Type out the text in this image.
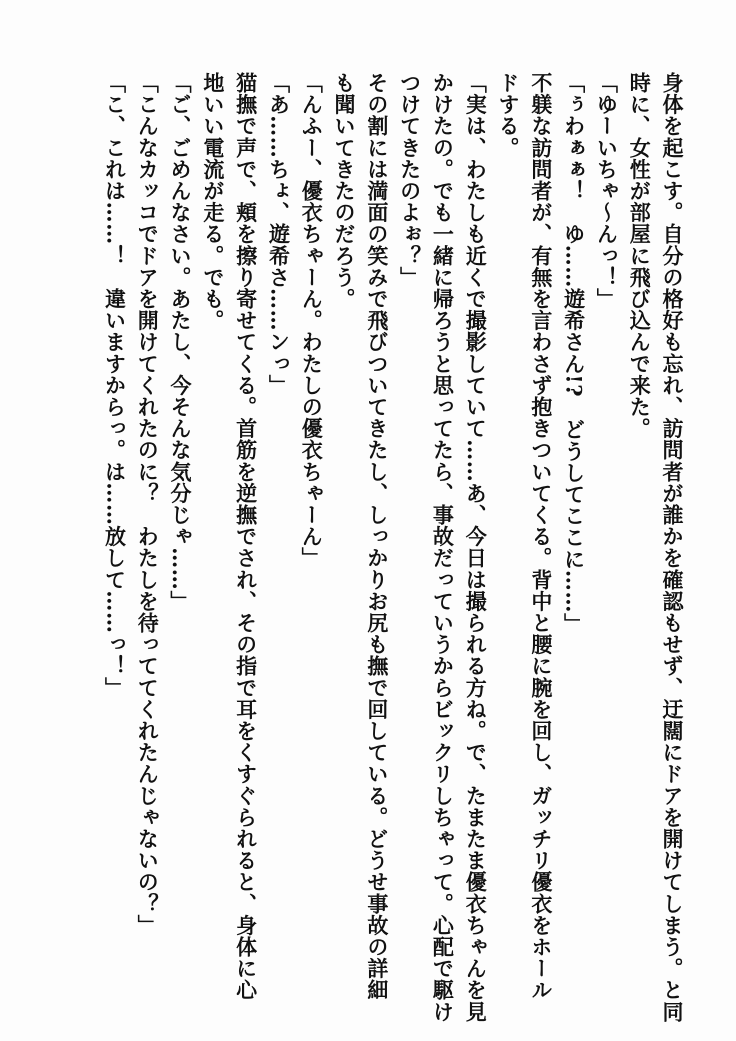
身体を起こす。自分の格好も忘れ、訪問者が誰かを確認もせず、迂闊にドアを開けてしまう。と同

時に、女性が部屋に飛び込んで来た。

「ゆーいちゃ〜んっ！」

「ぅわぁぁ！　ゆ……遊希さん!?　どうしてここに……」

不躾な訪問者が、有無を言わさず抱きついてくる。背中と腰に腕を回し、ガッチリ優衣をホール

ドする。

「実は、わたしも近くで撮影していて……あ、今日は撮られる方ね。で、たまたま優衣ちゃんを見

かけたの。でも一緒に帰ろうと思ってたら、事故だっていうからビックリしちゃって。心配で駆け

つけてきたのよぉ？」

その割には満面の笑みで飛びついてきたし、しっかりお尻も撫で回している。どうせ事故の詳細

も聞いてきたのだろう。

「んふー、優衣ちゃーん。わたしの優衣ちゃーん」

「あ……ちょ、遊希さ……ンっ」

猫撫で声で、頬を擦り寄せてくる。首筋を逆撫でされ、その指で耳をくすぐられると、身体に心

地いい電流が走る。でも。

「ご、ごめんなさい。あたし、今そんな気分じゃ……」

「こんなカッコでドアを開けてくれたのに？　わたしを待っててくれたんじゃないの？」

「こ、これは……！　違いますからっ。は……放して……っ！」
